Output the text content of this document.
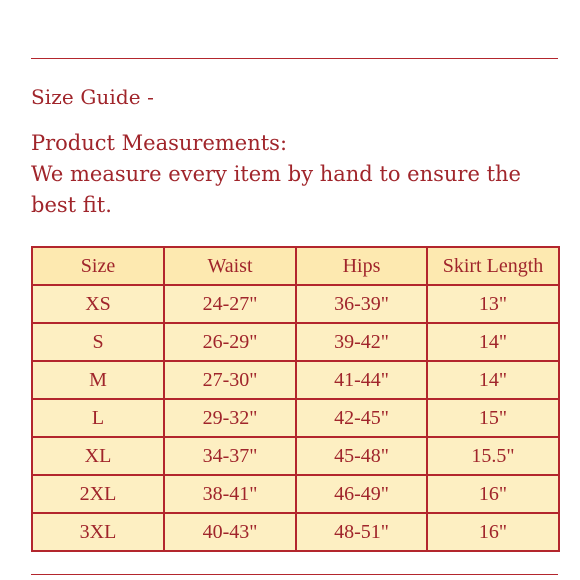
Size Guide -
Product Measurements:
We measure every item by hand to ensure the
best fit.
Size	Waist	Hips	Skirt Length
XS	24-27"	36-39"	13"
S	26-29"	39-42"	14"
M	27-30"	41-44"	14"
L	29-32"	42-45"	15"
XL	34-37"	45-48"	15.5"
2XL	38-41"	46-49"	16"
3XL	40-43"	48-51"	16"
